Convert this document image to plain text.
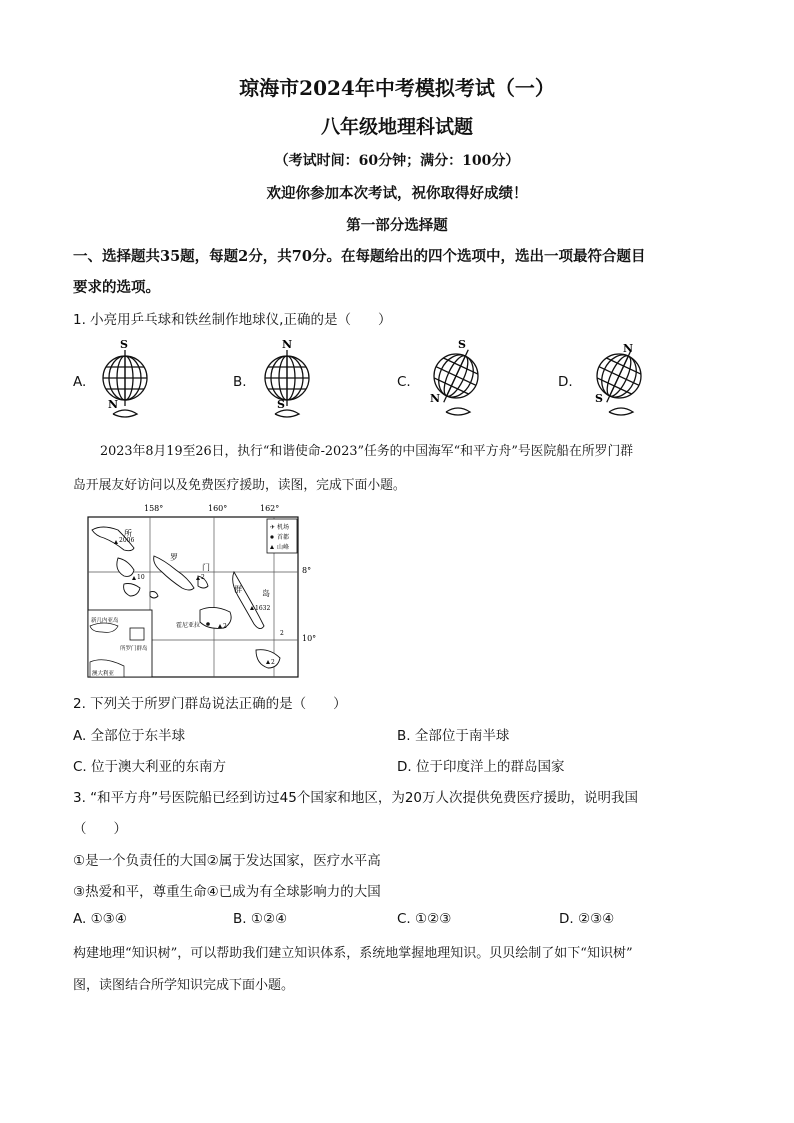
琼海市2024年中考模拟考试（一）
八年级地理科试题
（考试时间：60分钟；满分：100分）
欢迎你参加本次考试，祝你取得好成绩！
第一部分选择题
一、选择题共35题，每题2分，共70分。在每题给出的四个选项中，选出一项最符合题目
要求的选项。
1. 小亮用乒乓球和铁丝制作地球仪,正确的是（　　）
A.
S
N
B.
N
S
C.
S
N
D.
N
S
2023年8月19至26日，执行“和谐使命-2023”任务的中国海军“和平方舟”号医院船在所罗门群
岛开展友好访问以及免费医疗援助，读图，完成下面小题。
158°	160°	162°
8°
10°
✈ 机场
首都
山峰
2006
10	2
1632
2
2
2
所
罗
门
群	岛
霍尼亚拉
新几内亚岛
所罗门群岛
澳大利亚
2. 下列关于所罗门群岛说法正确的是（　　）
A. 全部位于东半球	B. 全部位于南半球
C. 位于澳大利亚的东南方	D. 位于印度洋上的群岛国家
3. “和平方舟”号医院船已经到访过45个国家和地区，为20万人次提供免费医疗援助，说明我国
（　　）
①是一个负责任的大国②属于发达国家，医疗水平高
③热爱和平，尊重生命④已成为有全球影响力的大国
A. ①③④	B. ①②④	C. ①②③	D. ②③④
构建地理“知识树”，可以帮助我们建立知识体系，系统地掌握地理知识。贝贝绘制了如下“知识树”
图，读图结合所学知识完成下面小题。
